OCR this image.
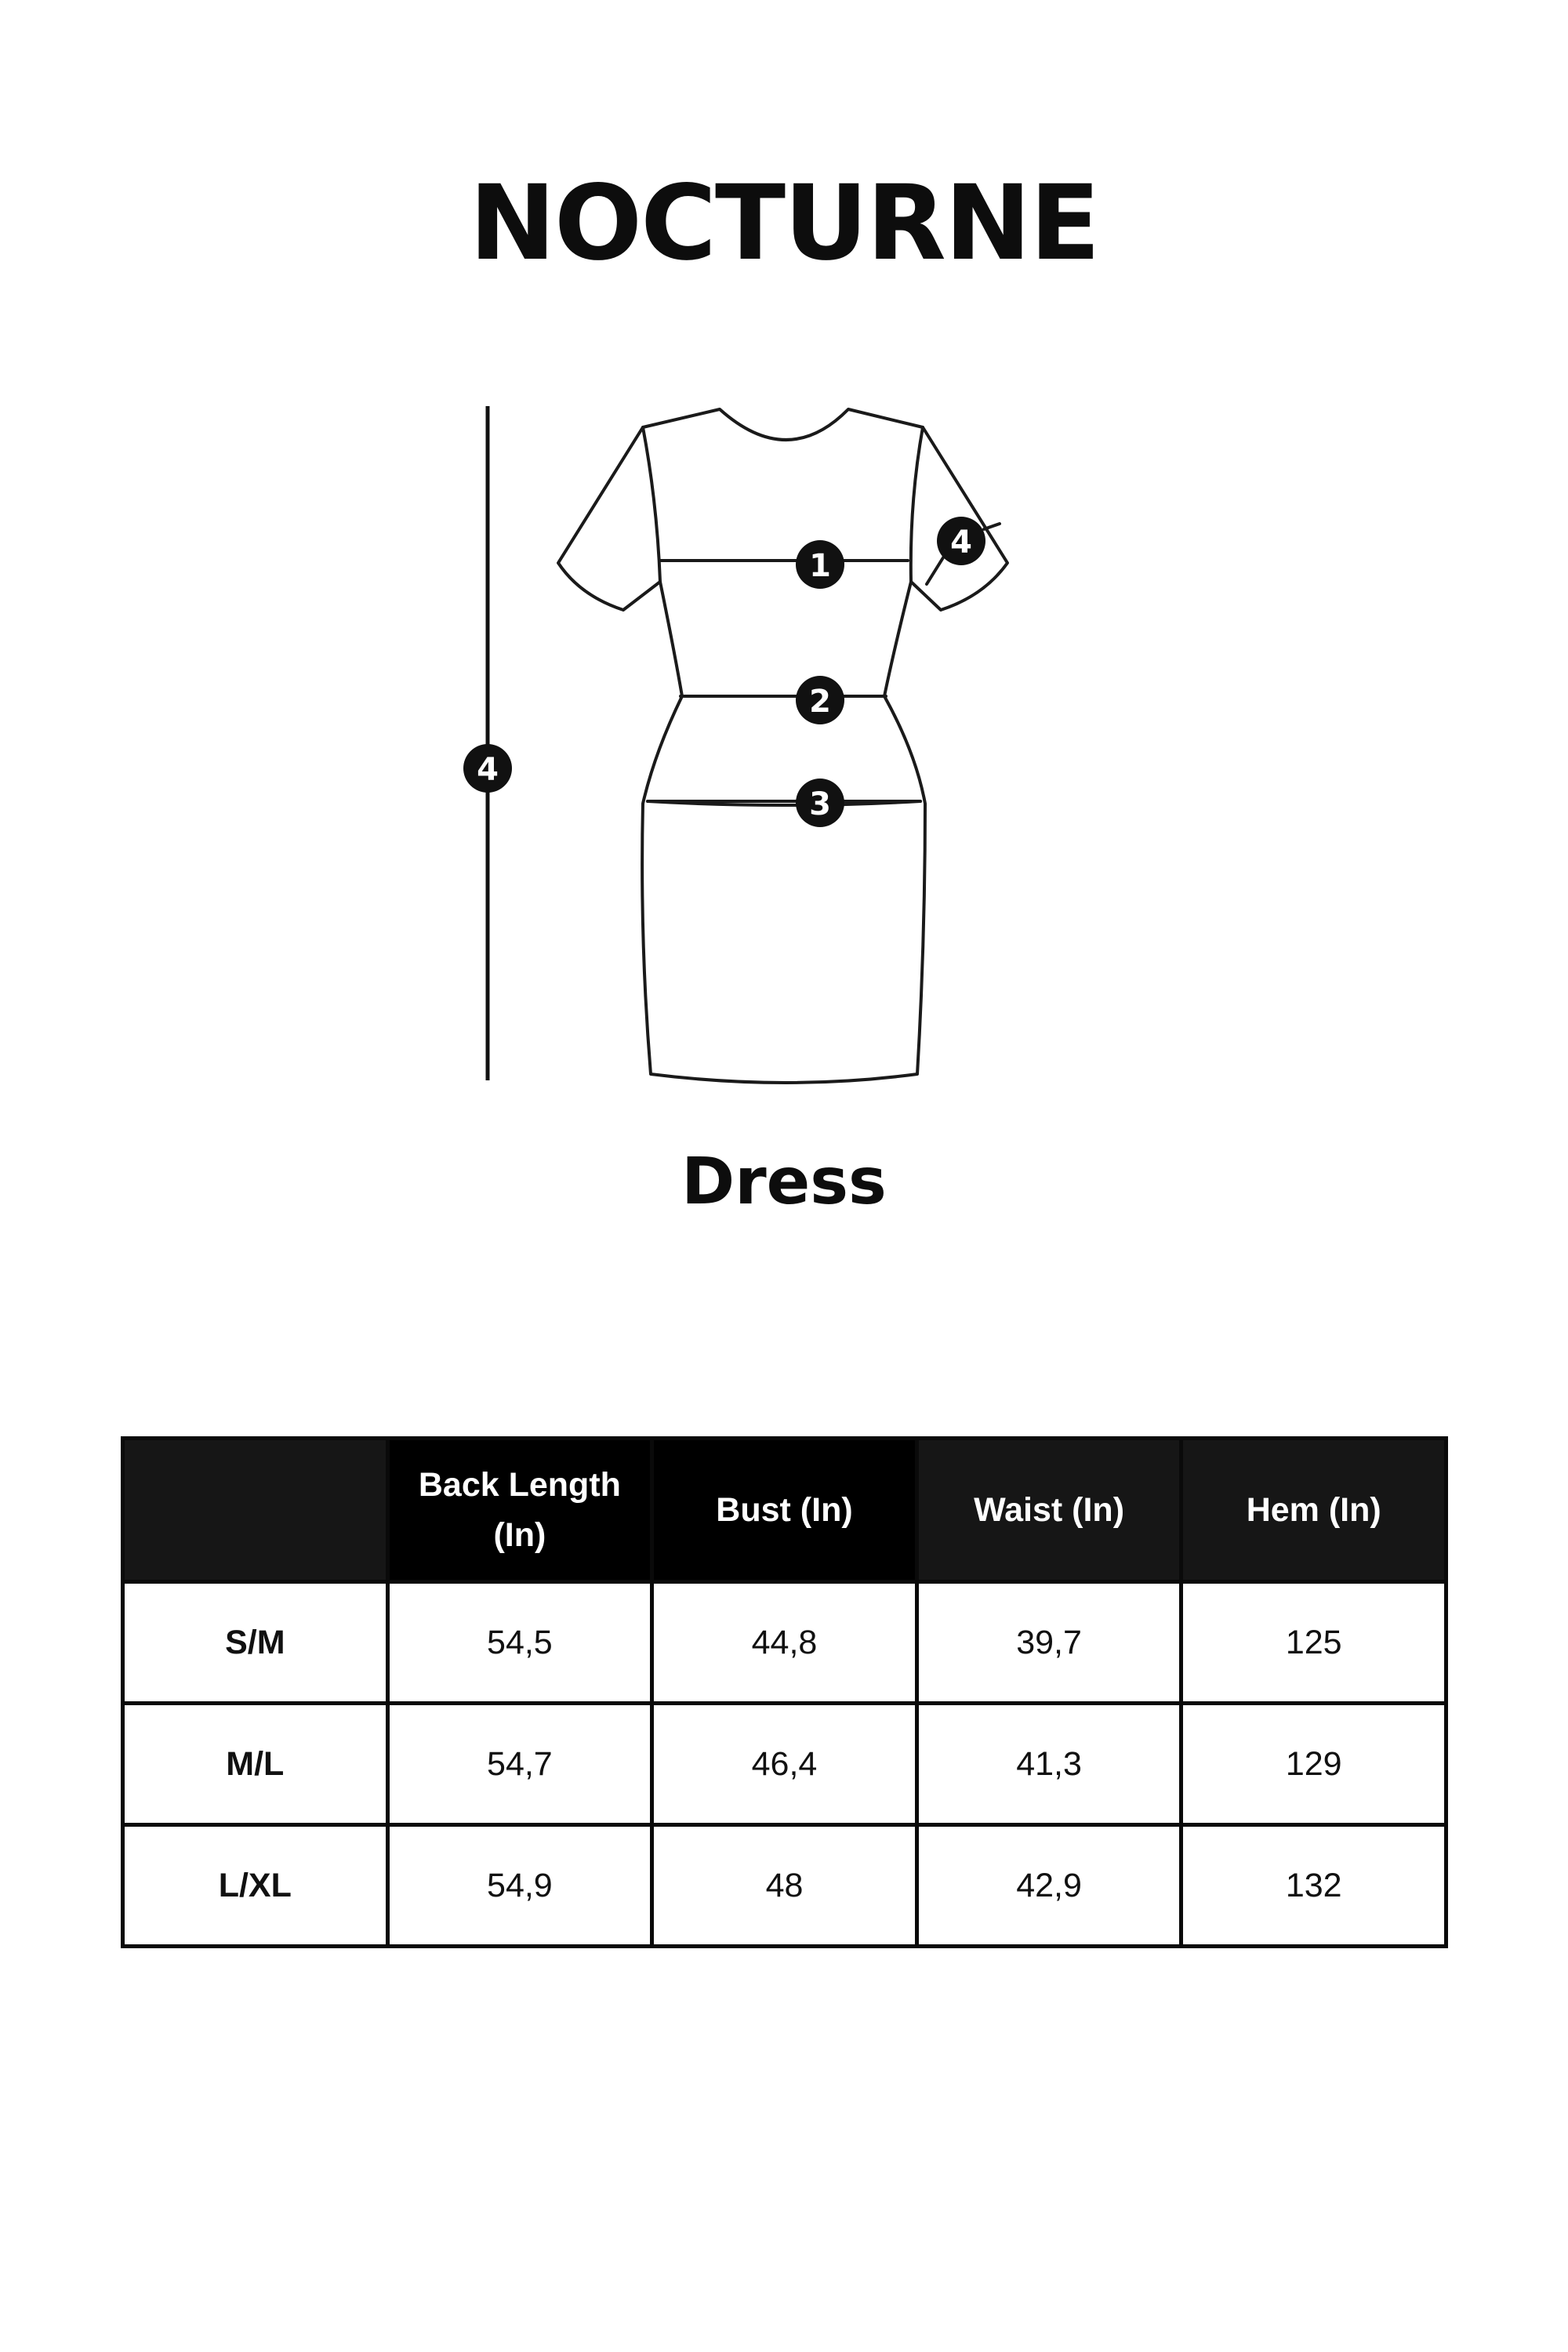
NOCTURNE
1
2
3
4
4
Dress
	Back Length (In)	Bust (In)	Waist (In)	Hem (In)
S/M	54,5	44,8	39,7	125
M/L	54,7	46,4	41,3	129
L/XL	54,9	48	42,9	132
